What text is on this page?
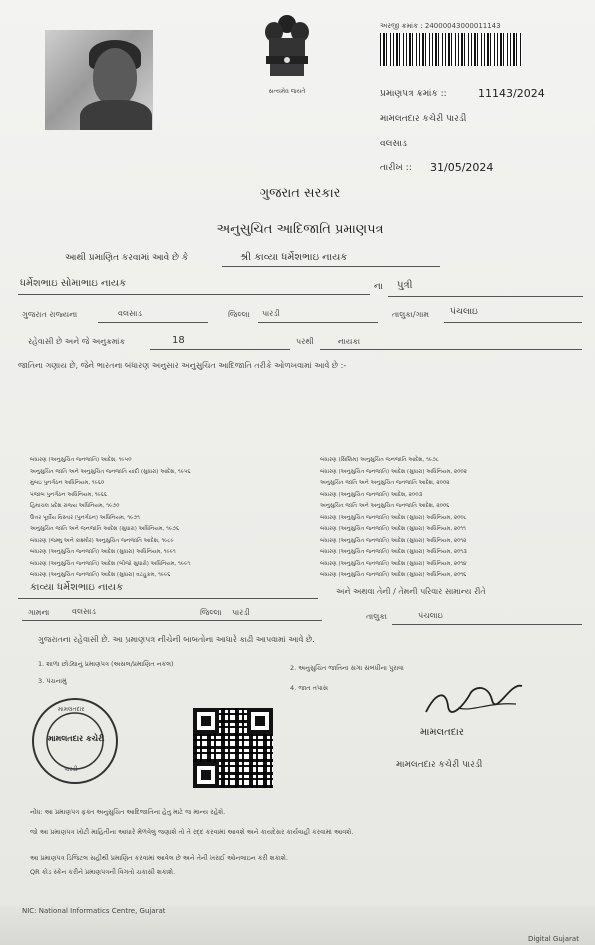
સત્યમેવ જયતે
અરજી ક્રમાંક : 24000043000011143
પ્રમાણપત્ર ક્રમાંક ::	11143/2024
મામલતદાર કચેરી પારડી
વલસાડ
તારીખ :: 31/05/2024
ગુજરાત સરકાર
અનુસુચિત આદિજાતિ પ્રમાણપત્ર
આથી પ્રમાણિત કરવામાં આવે છે કે	શ્રી કાવ્યા ધર્મેશભાઇ નાયક
ધર્મેશભાઇ સોમાભાઇ નાયક	ના પુત્રી
ગુજરાત રાજ્યના	વલસાડ	જિલ્લા પારડી	તાલુકા/ગામ પંચલાઇ
રહેવાસી છે અને જે અનુક્રમાંક	18	પરથી	નાયકા
જાતિના ગણાય છે, જેને ભારતના બંધારણ અનુસાર અનુસુચિત આદિજાતિ તરીકે ઓળખવામાં આવે છે :-
બંધારણ (અનુસુચિત જનજાતિ) આદેશ, ૧૯૫૦
અનુસુચિત જાતિ અને અનુસુચિત જનજાતિ યાદી (સુધારા) આદેશ, ૧૯૫૬
મુંબઇ પુનર્ગઠન અધિનિયમ, ૧૯૬૦
પંજાબ પુનર્ગઠન અધિનિયમ, ૧૯૬૬
હિમાચલ પ્રદેશ રાજ્ય અધિનિયમ, ૧૯૭૦
ઉત્તર પૂર્વીય વિસ્તાર (પુનર્ગઠન) અધિનિયમ, ૧૯૭૧
અનુસુચિત જાતિ અને જનજાતિ આદેશ (સુધારા) અધિનિયમ, ૧૯૭૬
બંધારણ (જમ્મુ અને કાશ્મીર) અનુસુચિત જનજાતિ આદેશ, ૧૯૮૯
બંધારણ (અનુસુચિત જનજાતિ) આદેશ (સુધારા) અધિનિયમ, ૧૯૯૧
બંધારણ (અનુસુચિત જનજાતિ) આદેશ (બીજો સુધારો) અધિનિયમ, ૧૯૯૧
બંધારણ (અનુસુચિત જનજાતિ) આદેશ (સુધારા) વટહુકમ, ૧૯૯૬
બંધારણ (સિક્કિમ) અનુસુચિત જનજાતિ આદેશ, ૧૯૭૮
બંધારણ (અનુસુચિત જનજાતિ) આદેશ (સુધારા) અધિનિયમ, ૨૦૦૨
અનુસુચિત જાતિ અને અનુસુચિત જનજાતિ આદેશ, ૨૦૦૨
બંધારણ (અનુસુચિત જનજાતિ) આદેશ, ૨૦૦૩
અનુસુચિત જાતિ અને અનુસુચિત જનજાતિ આદેશ, ૨૦૦૬
બંધારણ (અનુસુચિત જનજાતિ) આદેશ (સુધારા) અધિનિયમ, ૨૦૦૮
બંધારણ (અનુસુચિત જનજાતિ) આદેશ (સુધારા) અધિનિયમ, ૨૦૧૧
બંધારણ (અનુસુચિત જનજાતિ) આદેશ (સુધારા) અધિનિયમ, ૨૦૧૨
બંધારણ (અનુસુચિત જનજાતિ) આદેશ (સુધારા) અધિનિયમ, ૨૦૧૩
બંધારણ (અનુસુચિત જનજાતિ) આદેશ (સુધારા) અધિનિયમ, ૨૦૧૪
બંધારણ (અનુસુચિત જનજાતિ) આદેશ (સુધારા) અધિનિયમ, ૨૦૧૬
કાવ્યા ધર્મેશભાઇ નાયક	અને અથવા તેની / તેમની પરિવાર સામાન્ય રીતે
ગામના	વલસાડ	જિલ્લા પારડી	તાલુકા	પંચલાઇ
ગુજરાતના રહેવાસી છે. આ પ્રમાણપત્ર નીચેની બાબતોના આધારે કાઢી આપવામાં આવે છે.
1. શાળા છોડ્યાનું પ્રમાણપત્ર (અસલ/પ્રમાણિત નકલ)	2. અનુસુચિત જાતિના સગા સંબંધીના પુરાવા
3. પંચનામું
4. જાત તપાસ
મામલતદાર
મામલતદાર કચેરી
પારડી
મામલતદાર
મામલતદાર કચેરી પારડી
નોંધ: આ પ્રમાણપત્ર ફક્ત અનુસુચિત આદિજાતિના હેતુ માટે જ માન્ય રહેશે.
જો આ પ્રમાણપત્ર ખોટી માહિતીના આધારે મેળવેલું જણાશે તો તે રદ્દ કરવામાં આવશે અને કાયદેસર કાર્યવાહી કરવામાં આવશે.
આ પ્રમાણપત્ર ડિજિટલ સહીથી પ્રમાણિત કરવામાં આવેલ છે અને તેની ખરાઈ ઓનલાઇન કરી શકાશે.
QR કોડ સ્કેન કરીને પ્રમાણપત્રની વિગતો ચકાસી શકાશે.
NIC: National Informatics Centre, Gujarat
Digital Gujarat
